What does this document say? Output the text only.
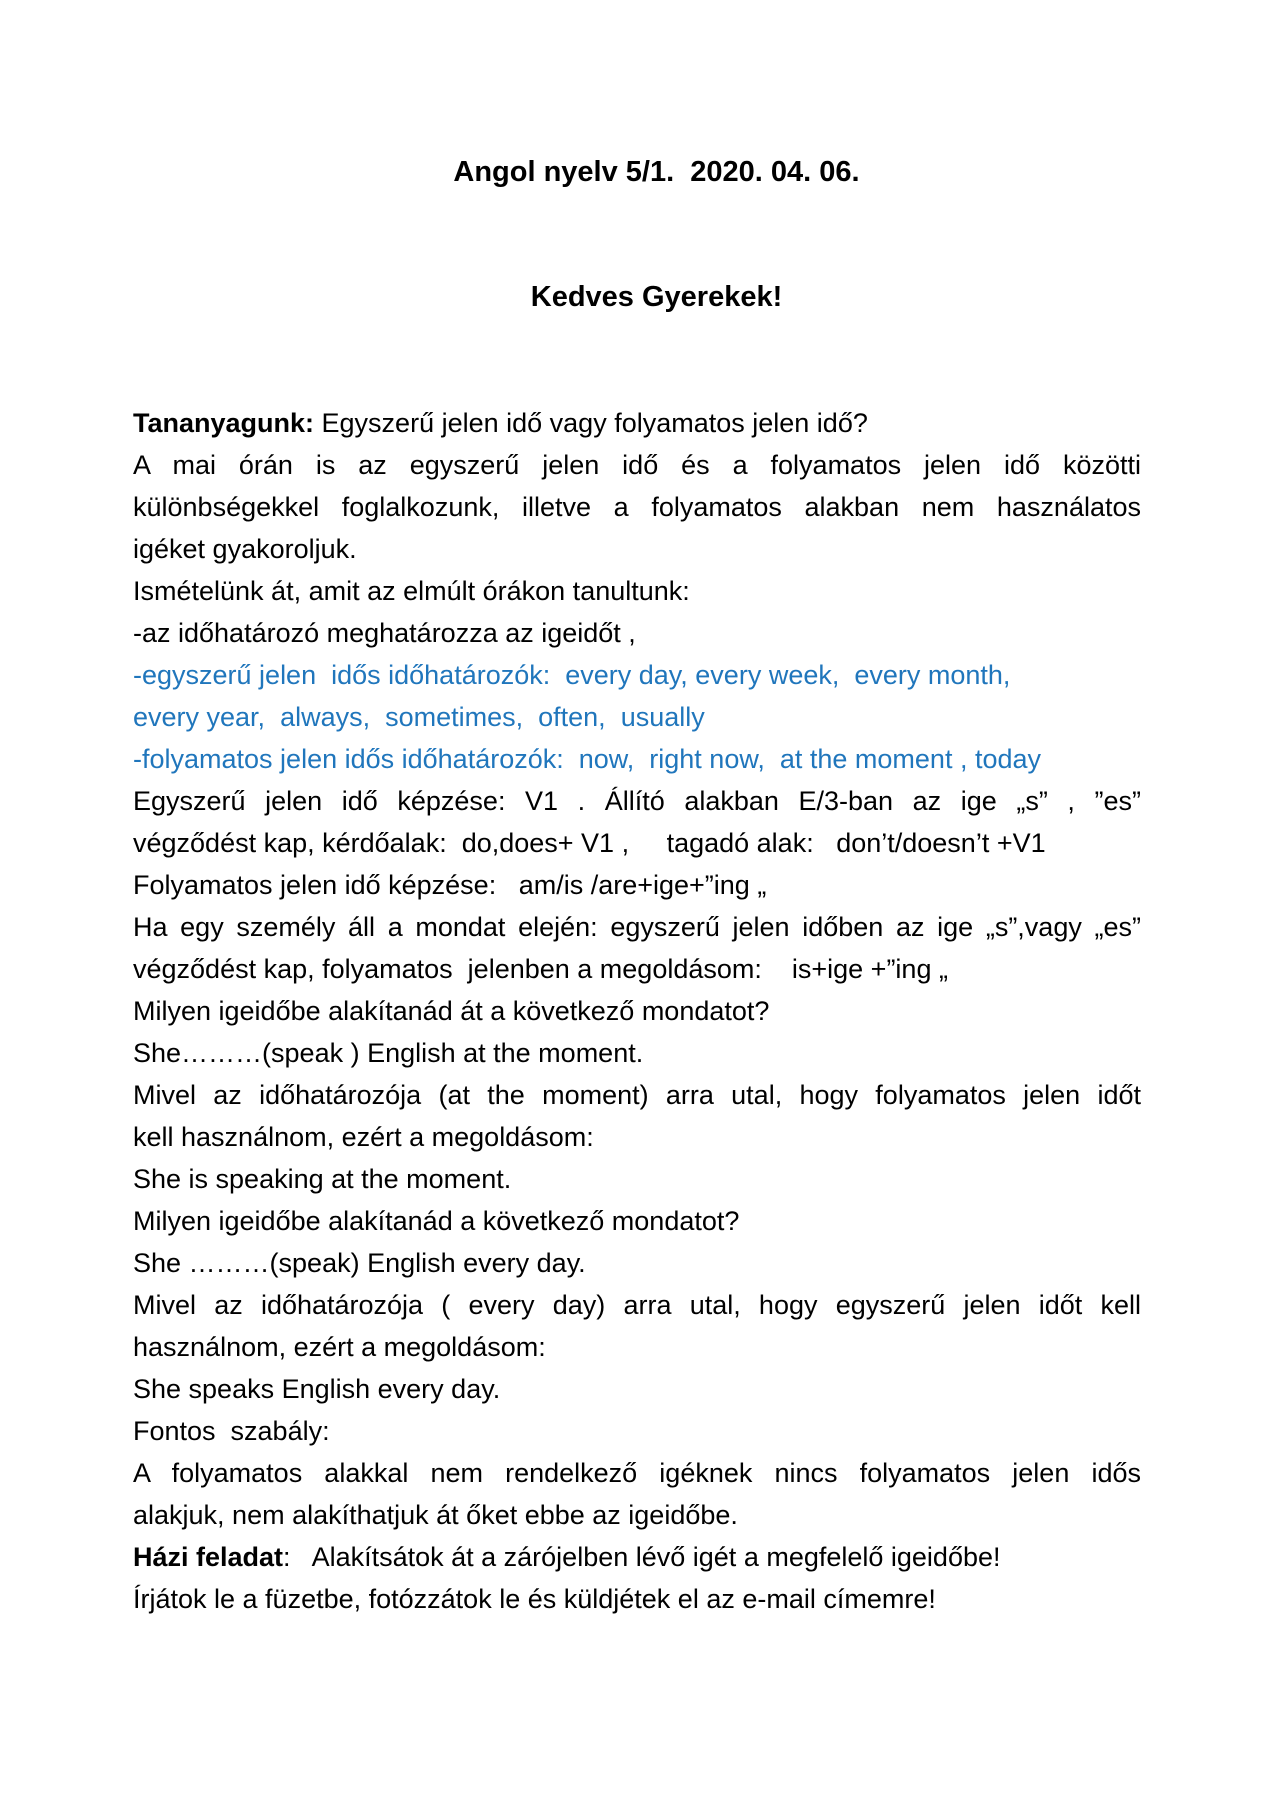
Angol nyelv 5/1.  2020. 04. 06.
Kedves Gyerekek!
Tananyagunk: Egyszerű jelen idő vagy folyamatos jelen idő?
A mai órán is az egyszerű jelen idő és a folyamatos jelen idő közötti
különbségekkel foglalkozunk, illetve a folyamatos alakban nem használatos
igéket gyakoroljuk.
Ismételünk át, amit az elmúlt órákon tanultunk:
-az időhatározó meghatározza az igeidőt ,
-egyszerű jelen  idős időhatározók:  every day, every week,  every month,
every year,  always,  sometimes,  often,  usually
-folyamatos jelen idős időhatározók:  now,  right now,  at the moment , today
Egyszerű jelen idő képzése: V1 . Állító alakban E/3-ban az ige „s” , ”es”
végződést kap, kérdőalak:  do,does+ V1 ,     tagadó alak:   don’t/doesn’t +V1
Folyamatos jelen idő képzése:   am/is /are+ige+”ing „
Ha egy személy áll a mondat elején: egyszerű jelen időben az ige „s”,vagy „es”
végződést kap, folyamatos  jelenben a megoldásom:    is+ige +”ing „
Milyen igeidőbe alakítanád át a következő mondatot?
She………(speak ) English at the moment.
Mivel az időhatározója (at the moment) arra utal, hogy folyamatos jelen időt
kell használnom, ezért a megoldásom:
She is speaking at the moment.
Milyen igeidőbe alakítanád a következő mondatot?
She ………(speak) English every day.
Mivel az időhatározója ( every day) arra utal, hogy egyszerű jelen időt kell
használnom, ezért a megoldásom:
She speaks English every day.
Fontos  szabály:
A folyamatos alakkal nem rendelkező igéknek nincs folyamatos jelen idős
alakjuk, nem alakíthatjuk át őket ebbe az igeidőbe.
Házi feladat:   Alakítsátok át a zárójelben lévő igét a megfelelő igeidőbe!
Írjátok le a füzetbe, fotózzátok le és küldjétek el az e-mail címemre!
